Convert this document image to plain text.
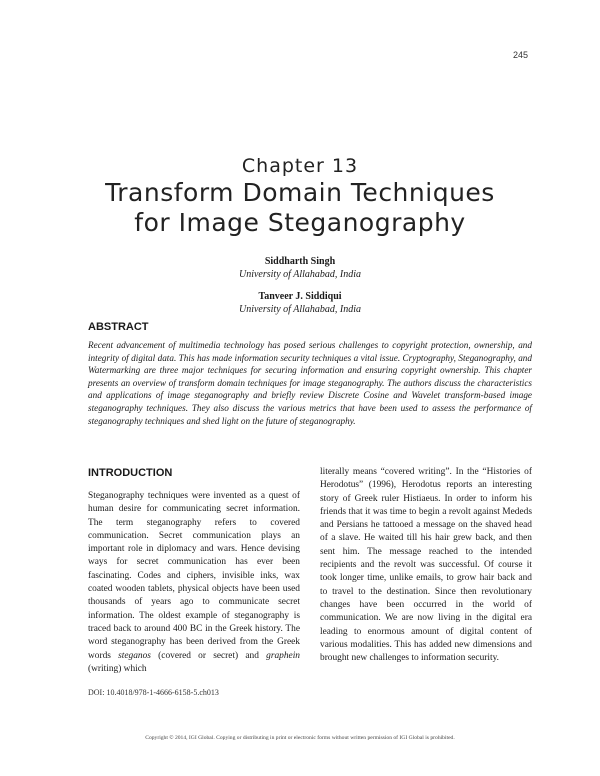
245
Chapter 13
Transform Domain Techniques
for Image Steganography
Siddharth Singh
University of Allahabad, India
Tanveer J. Siddiqui
University of Allahabad, India
ABSTRACT

Recent advancement of multimedia technology has posed serious challenges to copyright protection, ownership, and integrity of digital data. This has made information security techniques a vital issue. Cryptography, Steganography, and Watermarking are three major techniques for securing information and ensuring copyright ownership. This chapter presents an overview of transform domain techniques for image steganography. The authors discuss the characteristics and applications of image steganography and briefly review Discrete Cosine and Wavelet transform-based image steganography techniques. They also discuss the various metrics that have been used to assess the performance of steganography techniques and shed light on the future of steganography.

INTRODUCTION

Steganography techniques were invented as a quest of human desire for communicating secret information. The term steganography refers to covered communication. Secret communication plays an important role in diplomacy and wars. Hence devising ways for secret communication has ever been fascinating. Codes and ciphers, invisible inks, wax coated wooden tablets, physical objects have been used thousands of years ago to communicate secret information. The oldest example of steganography is traced back to around 400 BC in the Greek history. The word steganography has been derived from the Greek words steganos (covered or secret) and graphein (writing) which

literally means “covered writing”. In the “Histories of Herodotus” (1996), Herodotus reports an interesting story of Greek ruler Histiaeus. In order to inform his friends that it was time to begin a revolt against Mededs and Persians he tattooed a message on the shaved head of a slave. He waited till his hair grew back, and then sent him. The message reached to the intended recipients and the revolt was successful. Of course it took longer time, unlike emails, to grow hair back and to travel to the destination. Since then revolutionary changes have been occurred in the world of communication. We are now living in the digital era leading to enormous amount of digital content of various modalities. This has added new dimensions and brought new challenges to information security.

DOI: 10.4018/978-1-4666-6158-5.ch013
Copyright © 2014, IGI Global. Copying or distributing in print or electronic forms without written permission of IGI Global is prohibited.
